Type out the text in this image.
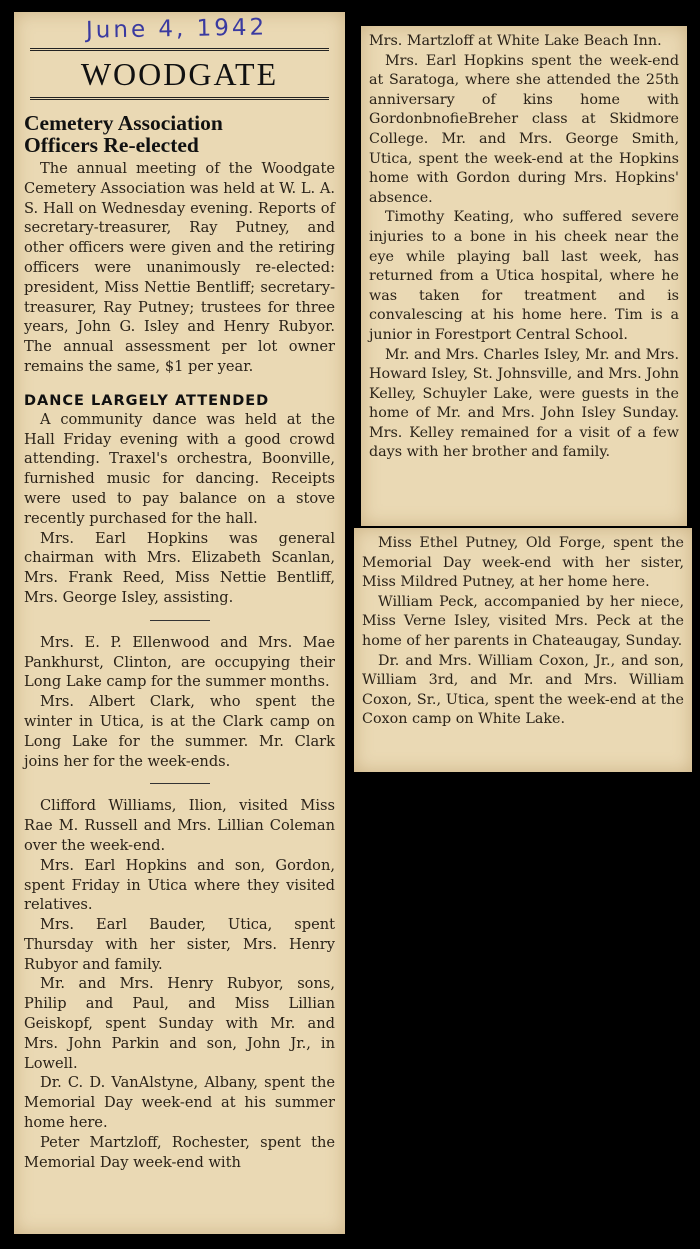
June 4, 1942
WOODGATE
Cemetery Association
Officers Re-elected

The annual meeting of the Woodgate Cemetery Association was held at W. L. A. S. Hall on Wednesday evening. Reports of secretary-treasurer, Ray Putney, and other officers were given and the retiring officers were unanimously re-elected: president, Miss Nettie Bentliff; secretary-treasurer, Ray Putney; trustees for three years, John G. Isley and Henry Rubyor. The annual assessment per lot owner remains the same, $1 per year.

DANCE LARGELY ATTENDED

A community dance was held at the Hall Friday evening with a good crowd attending. Traxel's orchestra, Boonville, furnished music for dancing. Receipts were used to pay balance on a stove recently purchased for the hall.

Mrs. Earl Hopkins was general chairman with Mrs. Elizabeth Scanlan, Mrs. Frank Reed, Miss Nettie Bentliff, Mrs. George Isley, assisting.

Mrs. E. P. Ellenwood and Mrs. Mae Pankhurst, Clinton, are occupying their Long Lake camp for the summer months.

Mrs. Albert Clark, who spent the winter in Utica, is at the Clark camp on Long Lake for the summer. Mr. Clark joins her for the week-ends.

Clifford Williams, Ilion, visited Miss Rae M. Russell and Mrs. Lillian Coleman over the week-end.

Mrs. Earl Hopkins and son, Gordon, spent Friday in Utica where they visited relatives.

Mrs. Earl Bauder, Utica, spent Thursday with her sister, Mrs. Henry Rubyor and family.

Mr. and Mrs. Henry Rubyor, sons, Philip and Paul, and Miss Lillian Geiskopf, spent Sunday with Mr. and Mrs. John Parkin and son, John Jr., in Lowell.

Dr. C. D. VanAlstyne, Albany, spent the Memorial Day week-end at his summer home here.

Peter Martzloff, Rochester, spent the Memorial Day week-end with

Mrs. Martzloff at White Lake Beach Inn.

Mrs. Earl Hopkins spent the week-end at Saratoga, where she attended the 25th anniversary of kins home with GordonbnofieBreher class at Skidmore College. Mr. and Mrs. George Smith, Utica, spent the week-end at the Hopkins home with Gordon during Mrs. Hopkins' absence.

Timothy Keating, who suffered severe injuries to a bone in his cheek near the eye while playing ball last week, has returned from a Utica hospital, where he was taken for treatment and is convalescing at his home here. Tim is a junior in Forestport Central School.

Mr. and Mrs. Charles Isley, Mr. and Mrs. Howard Isley, St. Johnsville, and Mrs. John Kelley, Schuyler Lake, were guests in the home of Mr. and Mrs. John Isley Sunday. Mrs. Kelley remained for a visit of a few days with her brother and family.

Miss Ethel Putney, Old Forge, spent the Memorial Day week-end with her sister, Miss Mildred Putney, at her home here.

William Peck, accompanied by her niece, Miss Verne Isley, visited Mrs. Peck at the home of her parents in Chateaugay, Sunday.

Dr. and Mrs. William Coxon, Jr., and son, William 3rd, and Mr. and Mrs. William Coxon, Sr., Utica, spent the week-end at the Coxon camp on White Lake.
